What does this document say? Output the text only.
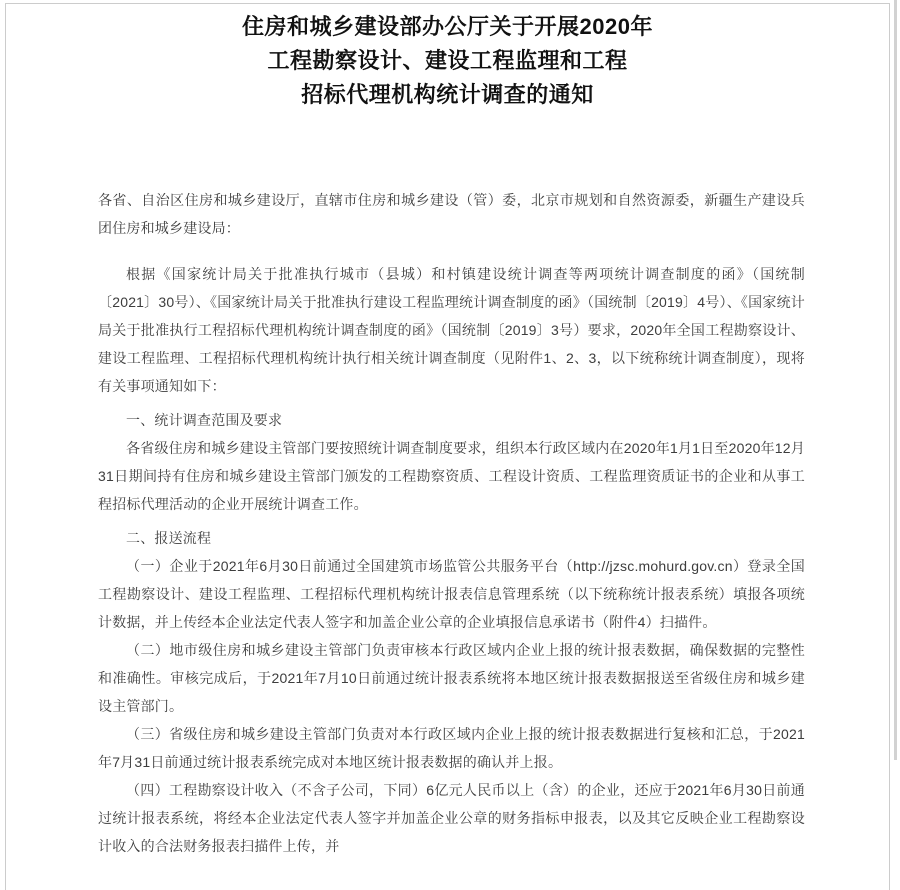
住房和城乡建设部办公厅关于开展2020年
工程勘察设计、建设工程监理和工程
招标代理机构统计调查的通知
各省、自治区住房和城乡建设厅，直辖市住房和城乡建设（管）委，北京市规划和自然资源委，新疆生产建设兵团住房和城乡建设局：
根据《国家统计局关于批准执行城市（县城）和村镇建设统计调查等两项统计调查制度的函》（国统制〔2021〕30号）、《国家统计局关于批准执行建设工程监理统计调查制度的函》（国统制〔2019〕4号）、《国家统计局关于批准执行工程招标代理机构统计调查制度的函》（国统制〔2019〕3号）要求，2020年全国工程勘察设计、建设工程监理、工程招标代理机构统计执行相关统计调查制度（见附件1、2、3，以下统称统计调查制度），现将有关事项通知如下：
一、统计调查范围及要求
各省级住房和城乡建设主管部门要按照统计调查制度要求，组织本行政区域内在2020年1月1日至2020年12月31日期间持有住房和城乡建设主管部门颁发的工程勘察资质、工程设计资质、工程监理资质证书的企业和从事工程招标代理活动的企业开展统计调查工作。
二、报送流程
（一）企业于2021年6月30日前通过全国建筑市场监管公共服务平台（http://jzsc.mohurd.gov.cn）登录全国工程勘察设计、建设工程监理、工程招标代理机构统计报表信息管理系统（以下统称统计报表系统）填报各项统计数据，并上传经本企业法定代表人签字和加盖企业公章的企业填报信息承诺书（附件4）扫描件。
（二）地市级住房和城乡建设主管部门负责审核本行政区域内企业上报的统计报表数据，确保数据的完整性和准确性。审核完成后，于2021年7月10日前通过统计报表系统将本地区统计报表数据报送至省级住房和城乡建设主管部门。
（三）省级住房和城乡建设主管部门负责对本行政区域内企业上报的统计报表数据进行复核和汇总，于2021年7月31日前通过统计报表系统完成对本地区统计报表数据的确认并上报。
（四）工程勘察设计收入（不含子公司，下同）6亿元人民币以上（含）的企业，还应于2021年6月30日前通过统计报表系统，将经本企业法定代表人签字并加盖企业公章的财务指标申报表，以及其它反映企业工程勘察设计收入的合法财务报表扫描件上传，并
